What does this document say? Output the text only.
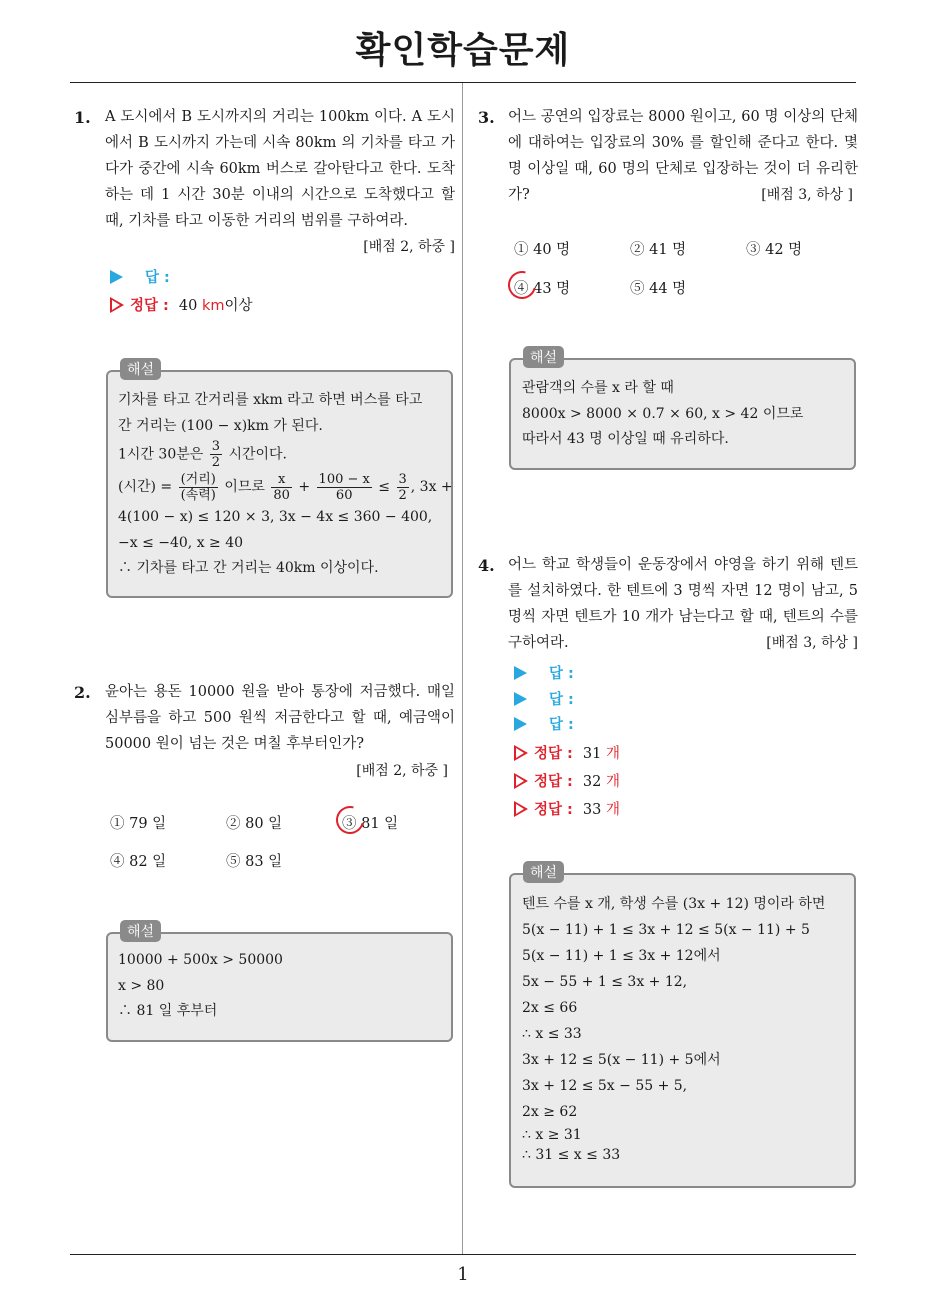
확인학습문제
1. A 도시에서 B 도시까지의 거리는 100km 이다. A 도시에서 B 도시까지 가는데 시속 80km 의 기차를 타고 가다가 중간에 시속 60km 버스로 갈아탄다고 한다. 도착하는 데 1 시간 30분 이내의 시간으로 도착했다고 할 때, 기차를 타고 이동한 거리의 범위를 구하여라.
[배점 2, 하중 ]
답 :
정답 : 40 km이상
해설
기차를 타고 간거리를 xkm 라고 하면 버스를 타고
간 거리는 (100 − x)km 가 된다.
1시간 30분은 $\frac{3}{2}$ 시간이다.
(시간) = $\frac{\text{(거리)}}{\text{(속력)}}$ 이므로 $\frac{x}{80} + \frac{100 - x}{60} \le \frac{3}{2}$ , 3x +
4(100 − x) ≤ 120 × 3, 3x − 4x ≤ 360 − 400,
−x ≤ −40, x ≥ 40
∴ 기차를 타고 간 거리는 40km 이상이다.
2. 윤아는 용돈 10000 원을 받아 통장에 저금했다. 매일 심부름을 하고 500 원씩 저금한다고 할 때, 예금액이 50000 원이 넘는 것은 며칠 후부터인가?
[배점 2, 하중 ]
① 79 일	② 80 일	③ 81 일
④ 82 일	⑤ 83 일
해설
10000 + 500x > 50000
x > 80
∴ 81 일 후부터
3. 어느 공연의 입장료는 8000 원이고, 60 명 이상의 단체에 대하여는 입장료의 30% 를 할인해 준다고 한다. 몇 명 이상일 때, 60 명의 단체로 입장하는 것이 더 유리한가?	[배점 3, 하상 ]
① 40 명	② 41 명	③ 42 명
④ 43 명	⑤ 44 명
해설
관람객의 수를 x 라 할 때
8000x > 8000 × 0.7 × 60, x > 42 이므로
따라서 43 명 이상일 때 유리하다.
4. 어느 학교 학생들이 운동장에서 야영을 하기 위해 텐트를 설치하였다. 한 텐트에 3 명씩 자면 12 명이 남고, 5 명씩 자면 텐트가 10 개가 남는다고 할 때, 텐트의 수를 구하여라.	[배점 3, 하상 ]
답 :
답 :
답 :
정답 : 31 개
정답 : 32 개
정답 : 33 개
해설
텐트 수를 x 개, 학생 수를 (3x + 12) 명이라 하면
5(x − 11) + 1 ≤ 3x + 12 ≤ 5(x − 11) + 5
5(x − 11) + 1 ≤ 3x + 12에서
5x − 55 + 1 ≤ 3x + 12,
2x ≤ 66
∴ x ≤ 33
3x + 12 ≤ 5(x − 11) + 5에서
3x + 12 ≤ 5x − 55 + 5,
2x ≥ 62
∴ x ≥ 31
∴ 31 ≤ x ≤ 33
1
